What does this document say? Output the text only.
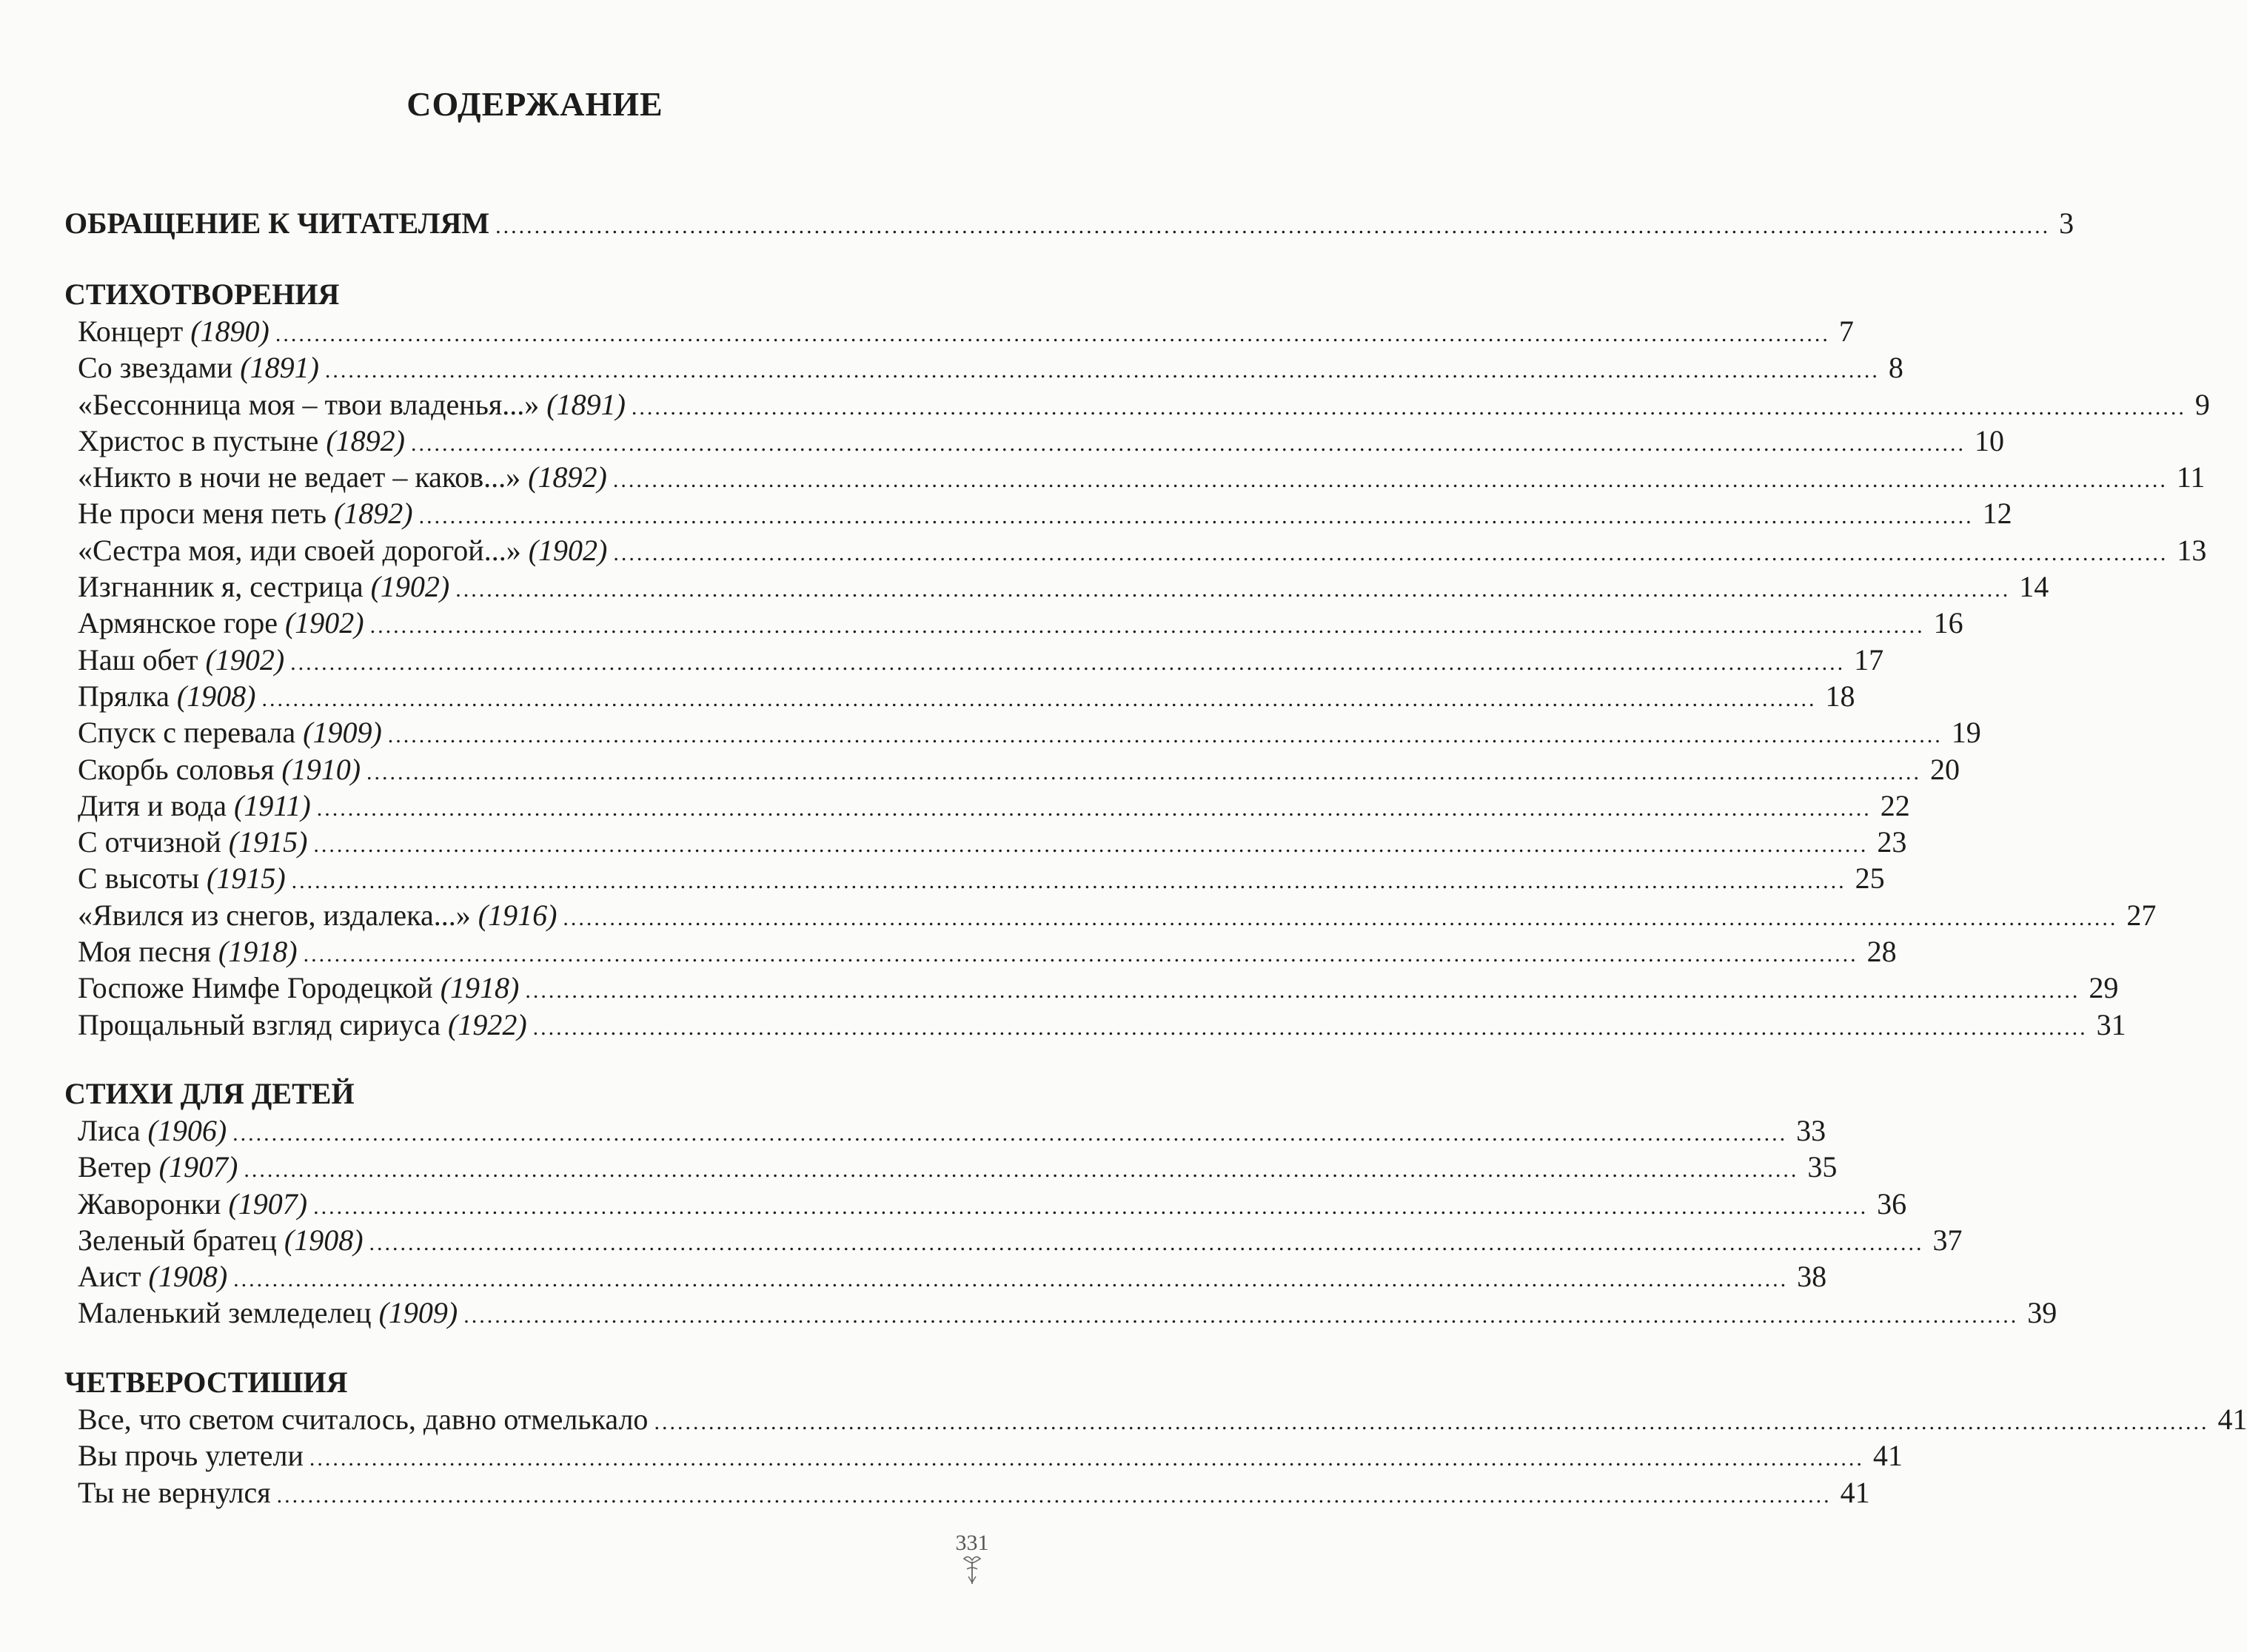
СОДЕРЖАНИЕ
ОБРАЩЕНИЕ К ЧИТАТЕЛЯМ ........................................................................................................................................................................................................ 3
СТИХОТВОРЕНИЯ
Концерт (1890) ........................................................................................................................................................................................................ 7
Со звездами (1891) ........................................................................................................................................................................................................ 8
«Бессонница моя – твои владенья...» (1891) ........................................................................................................................................................................................................ 9
Христос в пустыне (1892) ........................................................................................................................................................................................................ 10
«Никто в ночи не ведает – каков...» (1892) ........................................................................................................................................................................................................ 11
Не проси меня петь (1892) ........................................................................................................................................................................................................ 12
«Сестра моя, иди своей дорогой...» (1902) ........................................................................................................................................................................................................ 13
Изгнанник я, сестрица (1902) ........................................................................................................................................................................................................ 14
Армянское горе (1902) ........................................................................................................................................................................................................ 16
Наш обет (1902) ........................................................................................................................................................................................................ 17
Прялка (1908) ........................................................................................................................................................................................................ 18
Спуск с перевала (1909) ........................................................................................................................................................................................................ 19
Скорбь соловья (1910) ........................................................................................................................................................................................................ 20
Дитя и вода (1911) ........................................................................................................................................................................................................ 22
С отчизной (1915) ........................................................................................................................................................................................................ 23
С высоты (1915) ........................................................................................................................................................................................................ 25
«Явился из снегов, издалека...» (1916) ........................................................................................................................................................................................................ 27
Моя песня (1918) ........................................................................................................................................................................................................ 28
Госпоже Нимфе Городецкой (1918) ........................................................................................................................................................................................................ 29
Прощальный взгляд сириуса (1922) ........................................................................................................................................................................................................ 31
СТИХИ ДЛЯ ДЕТЕЙ
Лиса (1906) ........................................................................................................................................................................................................ 33
Ветер (1907) ........................................................................................................................................................................................................ 35
Жаворонки (1907) ........................................................................................................................................................................................................ 36
Зеленый братец (1908) ........................................................................................................................................................................................................ 37
Аист (1908) ........................................................................................................................................................................................................ 38
Маленький земледелец (1909) ........................................................................................................................................................................................................ 39
ЧЕТВЕРОСТИШИЯ
Все, что светом считалось, давно отмелькало ........................................................................................................................................................................................................ 41
Вы прочь улетели ........................................................................................................................................................................................................ 41
Ты не вернулся ........................................................................................................................................................................................................ 41
331
